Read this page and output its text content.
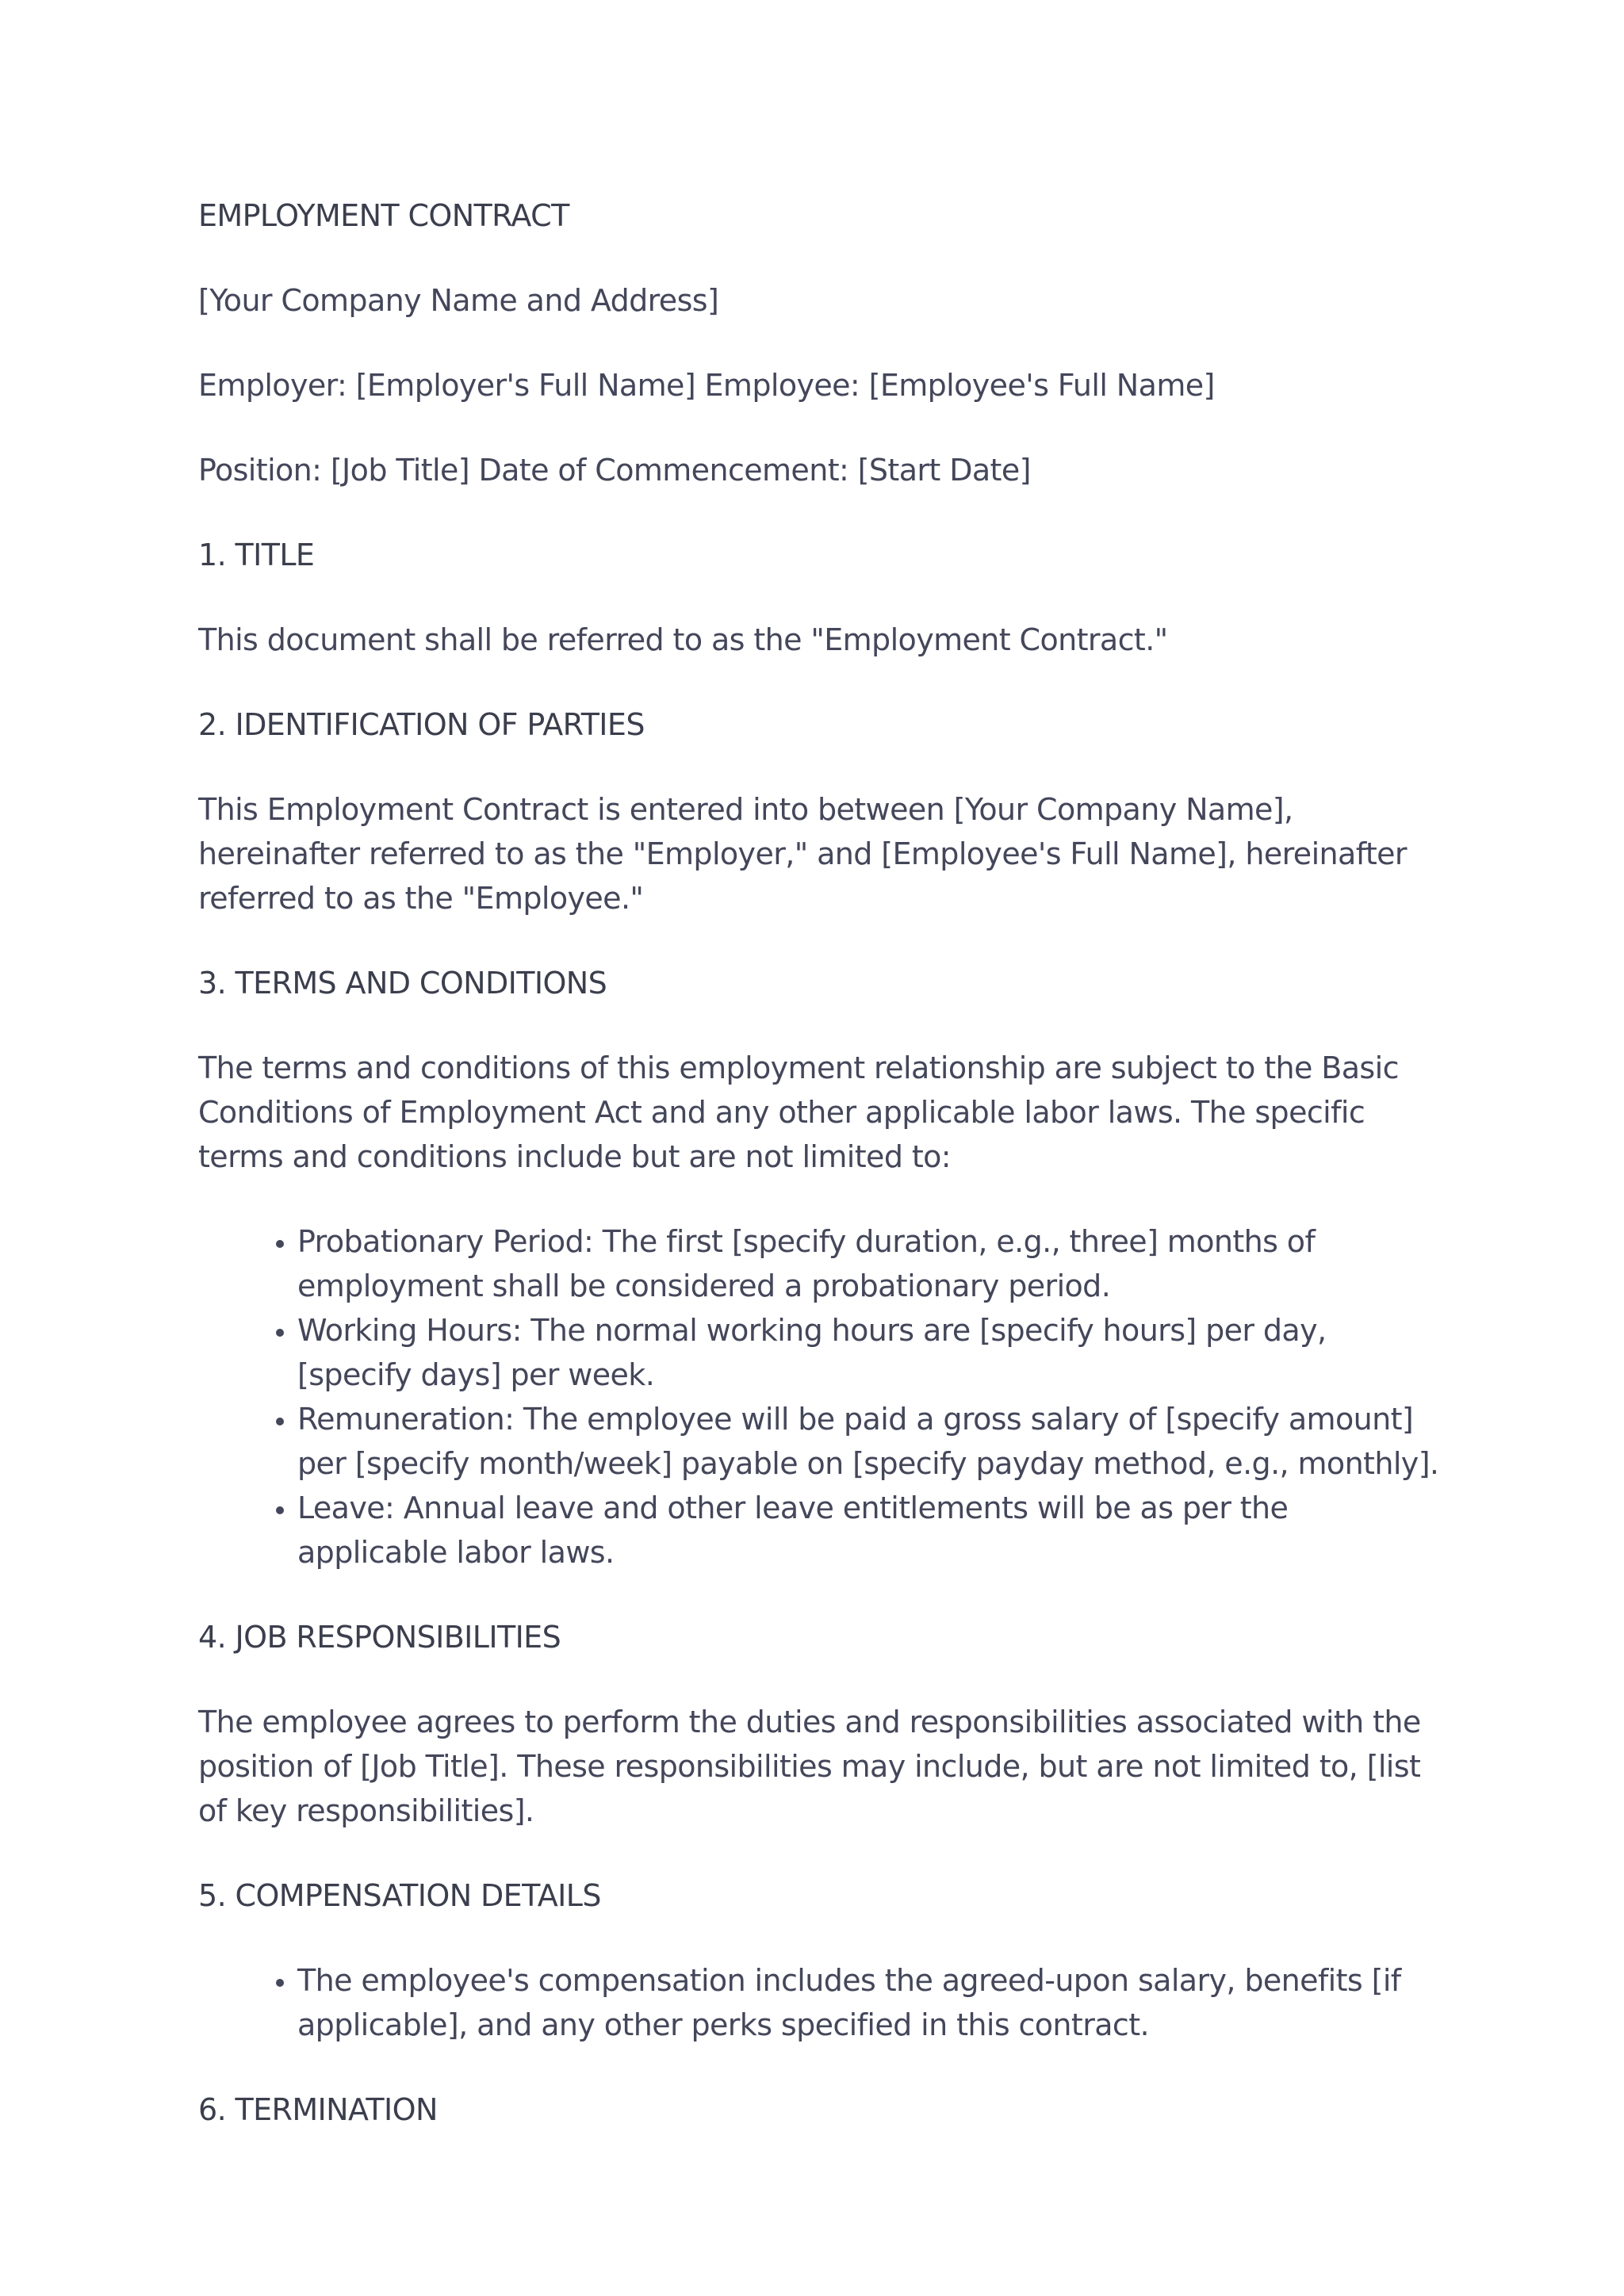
EMPLOYMENT CONTRACT

[Your Company Name and Address]

Employer: [Employer's Full Name] Employee: [Employee's Full Name]

Position: [Job Title] Date of Commencement: [Start Date]

1. TITLE

This document shall be referred to as the "Employment Contract."

2. IDENTIFICATION OF PARTIES

This Employment Contract is entered into between [Your Company Name], hereinafter referred to as the "Employer," and [Employee's Full Name], hereinafter referred to as the "Employee."

3. TERMS AND CONDITIONS

The terms and conditions of this employment relationship are subject to the Basic Conditions of Employment Act and any other applicable labor laws. The specific terms and conditions include but are not limited to:

• Probationary Period: The first [specify duration, e.g., three] months of employment shall be considered a probationary period.
• Working Hours: The normal working hours are [specify hours] per day, [specify days] per week.
• Remuneration: The employee will be paid a gross salary of [specify amount] per [specify month/week] payable on [specify payday method, e.g., monthly].
• Leave: Annual leave and other leave entitlements will be as per the applicable labor laws.

4. JOB RESPONSIBILITIES

The employee agrees to perform the duties and responsibilities associated with the position of [Job Title]. These responsibilities may include, but are not limited to, [list of key responsibilities].

5. COMPENSATION DETAILS

• The employee's compensation includes the agreed-upon salary, benefits [if applicable], and any other perks specified in this contract.

6. TERMINATION
